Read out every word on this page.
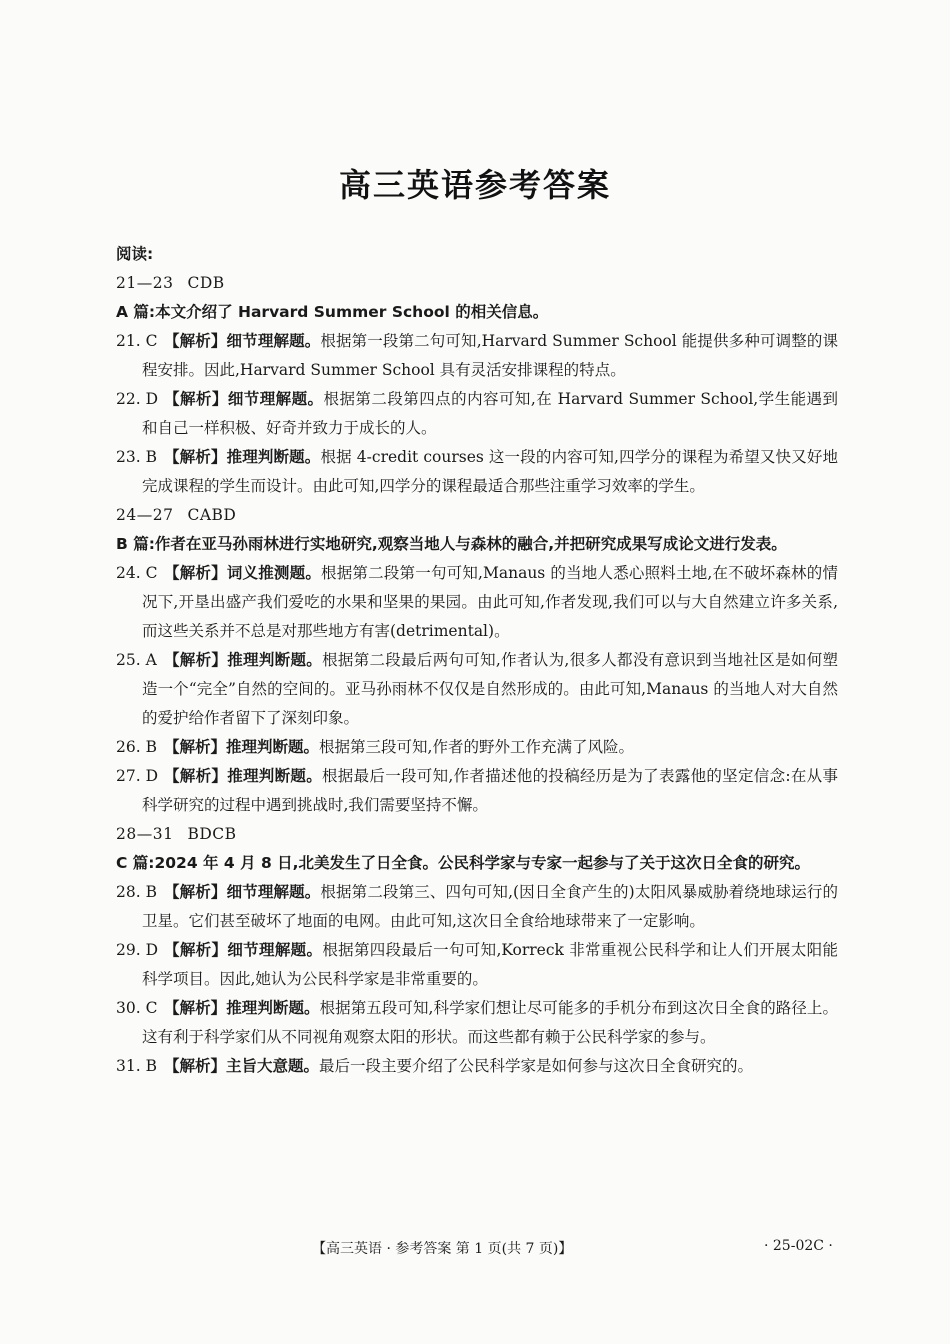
高三英语参考答案
阅读:
21—23 CDB
A 篇:本文介绍了 Harvard Summer School 的相关信息。
21. C 【解析】细节理解题。根据第一段第二句可知,Harvard Summer School 能提供多种可调整的课程安排。因此,Harvard Summer School 具有灵活安排课程的特点。
22. D 【解析】细节理解题。根据第二段第四点的内容可知,在 Harvard Summer School,学生能遇到和自己一样积极、好奇并致力于成长的人。
23. B 【解析】推理判断题。根据 4-credit courses 这一段的内容可知,四学分的课程为希望又快又好地完成课程的学生而设计。由此可知,四学分的课程最适合那些注重学习效率的学生。
24—27 CABD
B 篇:作者在亚马孙雨林进行实地研究,观察当地人与森林的融合,并把研究成果写成论文进行发表。
24. C 【解析】词义推测题。根据第二段第一句可知,Manaus 的当地人悉心照料土地,在不破坏森林的情况下,开垦出盛产我们爱吃的水果和坚果的果园。由此可知,作者发现,我们可以与大自然建立许多关系,而这些关系并不总是对那些地方有害(detrimental)。
25. A 【解析】推理判断题。根据第二段最后两句可知,作者认为,很多人都没有意识到当地社区是如何塑造一个“完全”自然的空间的。亚马孙雨林不仅仅是自然形成的。由此可知,Manaus 的当地人对大自然的爱护给作者留下了深刻印象。
26. B 【解析】推理判断题。根据第三段可知,作者的野外工作充满了风险。
27. D 【解析】推理判断题。根据最后一段可知,作者描述他的投稿经历是为了表露他的坚定信念:在从事科学研究的过程中遇到挑战时,我们需要坚持不懈。
28—31 BDCB
C 篇:2024 年 4 月 8 日,北美发生了日全食。公民科学家与专家一起参与了关于这次日全食的研究。
28. B 【解析】细节理解题。根据第二段第三、四句可知,(因日全食产生的)太阳风暴威胁着绕地球运行的卫星。它们甚至破坏了地面的电网。由此可知,这次日全食给地球带来了一定影响。
29. D 【解析】细节理解题。根据第四段最后一句可知,Korreck 非常重视公民科学和让人们开展太阳能科学项目。因此,她认为公民科学家是非常重要的。
30. C 【解析】推理判断题。根据第五段可知,科学家们想让尽可能多的手机分布到这次日全食的路径上。这有利于科学家们从不同视角观察太阳的形状。而这些都有赖于公民科学家的参与。
31. B 【解析】主旨大意题。最后一段主要介绍了公民科学家是如何参与这次日全食研究的。
【高三英语 · 参考答案 第 1 页(共 7 页)】	· 25-02C ·
